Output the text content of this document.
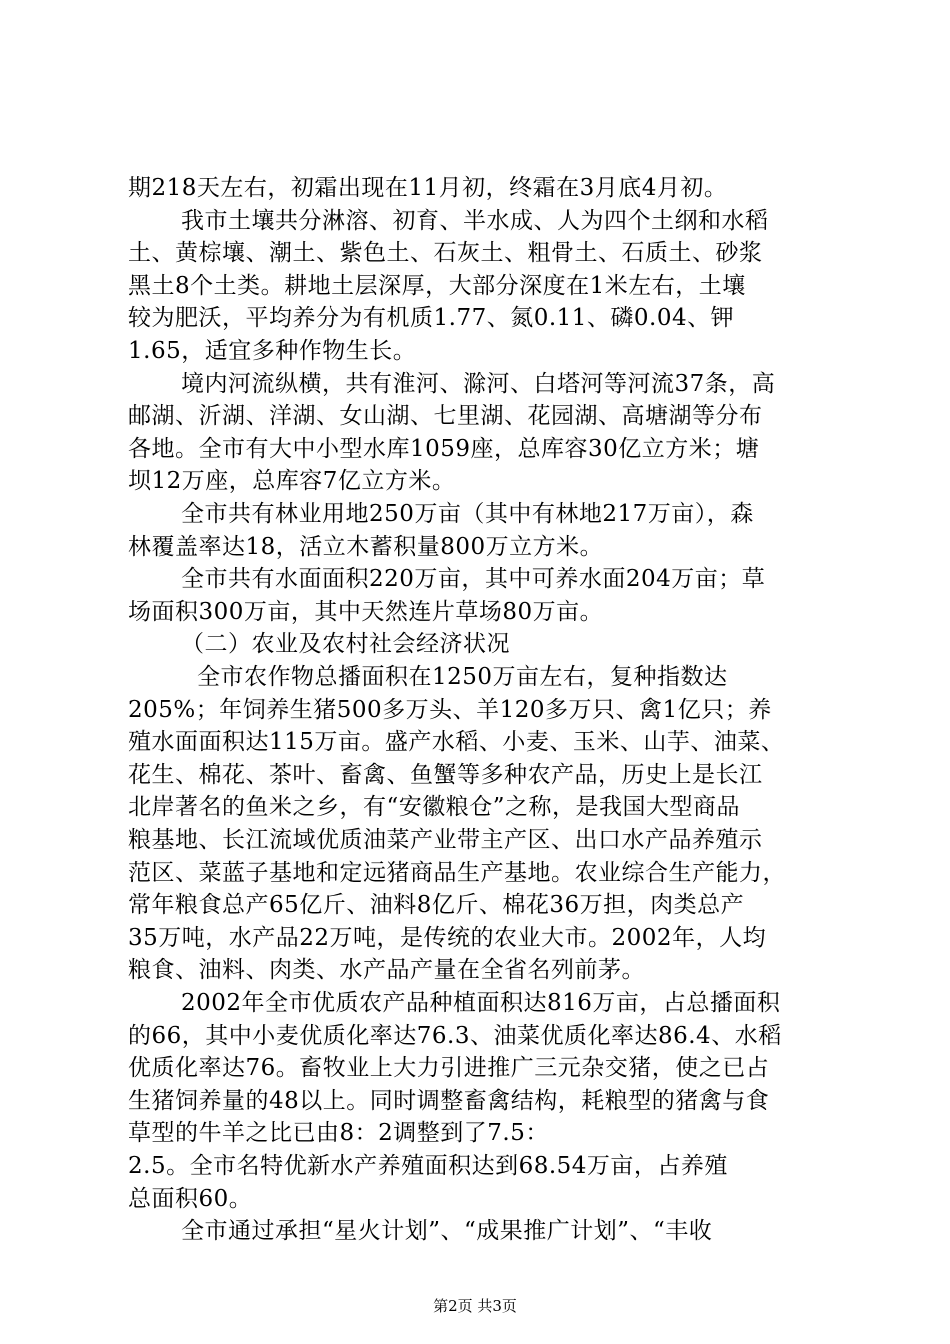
期218天左右，初霜出现在11月初，终霜在3月底4月初。
我市土壤共分淋溶、初育、半水成、人为四个土纲和水稻
土、黄棕壤、潮土、紫色土、石灰土、粗骨土、石质土、砂浆
黑土8个土类。耕地土层深厚，大部分深度在1米左右，土壤
较为肥沃，平均养分为有机质1.77、氮0.11、磷0.04、钾
1.65，适宜多种作物生长。
境内河流纵横，共有淮河、滁河、白塔河等河流37条，高
邮湖、沂湖、洋湖、女山湖、七里湖、花园湖、高塘湖等分布
各地。全市有大中小型水库1059座，总库容30亿立方米；塘
坝12万座，总库容7亿立方米。
全市共有林业用地250万亩（其中有林地217万亩），森
林覆盖率达18，活立木蓄积量800万立方米。
全市共有水面面积220万亩，其中可养水面204万亩；草
场面积300万亩，其中天然连片草场80万亩。
（二）农业及农村社会经济状况
全市农作物总播面积在1250万亩左右，复种指数达
205%；年饲养生猪500多万头、羊120多万只、禽1亿只；养
殖水面面积达115万亩。盛产水稻、小麦、玉米、山芋、油菜、
花生、棉花、茶叶、畜禽、鱼蟹等多种农产品，历史上是长江
北岸著名的鱼米之乡，有“安徽粮仓”之称，是我国大型商品
粮基地、长江流域优质油菜产业带主产区、出口水产品养殖示
范区、菜蓝子基地和定远猪商品生产基地。农业综合生产能力，
常年粮食总产65亿斤、油料8亿斤、棉花36万担，肉类总产
35万吨，水产品22万吨，是传统的农业大市。2002年，人均
粮食、油料、肉类、水产品产量在全省名列前茅。
2002年全市优质农产品种植面积达816万亩，占总播面积
的66，其中小麦优质化率达76.3、油菜优质化率达86.4、水稻
优质化率达76。畜牧业上大力引进推广三元杂交猪，使之已占
生猪饲养量的48以上。同时调整畜禽结构，耗粮型的猪禽与食
草型的牛羊之比已由8：2调整到了7.5：
2.5。全市名特优新水产养殖面积达到68.54万亩，占养殖
总面积60。
全市通过承担“星火计划”、“成果推广计划”、“丰收
第2页 共3页
